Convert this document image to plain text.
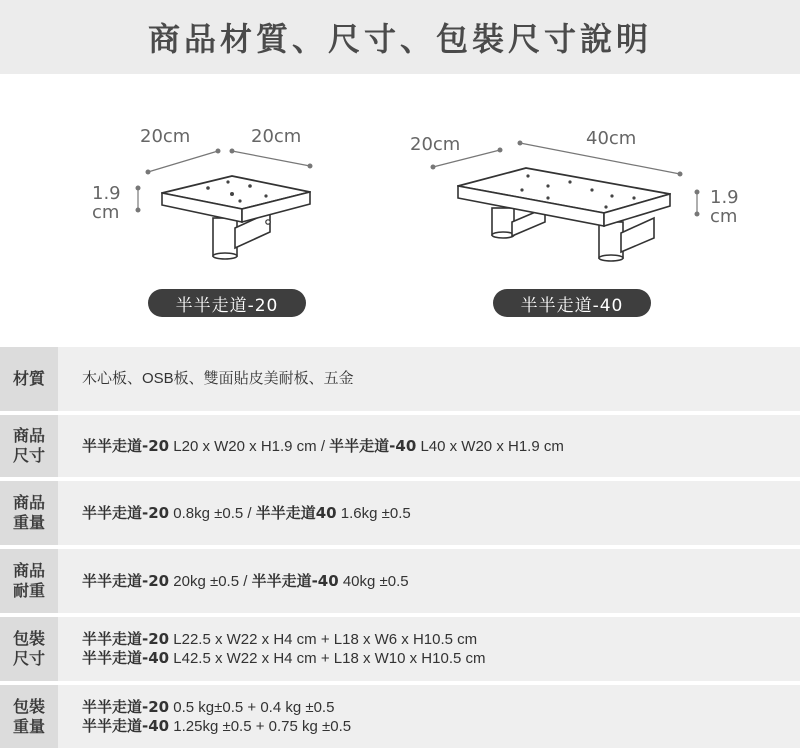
商品材質、尺寸、包裝尺寸說明
20cm	20cm
1.9
cm
20cm	40cm
1.9
cm
半半走道-20	半半走道-40
材質 木心板、OSB板、雙面貼皮美耐板、五金
商品
尺寸
半半走道-20 L20 x W20 x H1.9 cm / 半半走道-40 L40 x W20 x H1.9 cm
商品
重量
半半走道-20 0.8kg ±0.5 / 半半走道40 1.6kg ±0.5
商品
耐重
半半走道-20 20kg ±0.5 / 半半走道-40 40kg ±0.5
包裝
尺寸
半半走道-20 L22.5 x W22 x H4 cm + L18 x W6 x H10.5 cm
半半走道-40 L42.5 x W22 x H4 cm + L18 x W10 x H10.5 cm
包裝
重量
半半走道-20 0.5 kg±0.5 + 0.4 kg ±0.5
半半走道-40 1.25kg ±0.5 + 0.75 kg ±0.5
